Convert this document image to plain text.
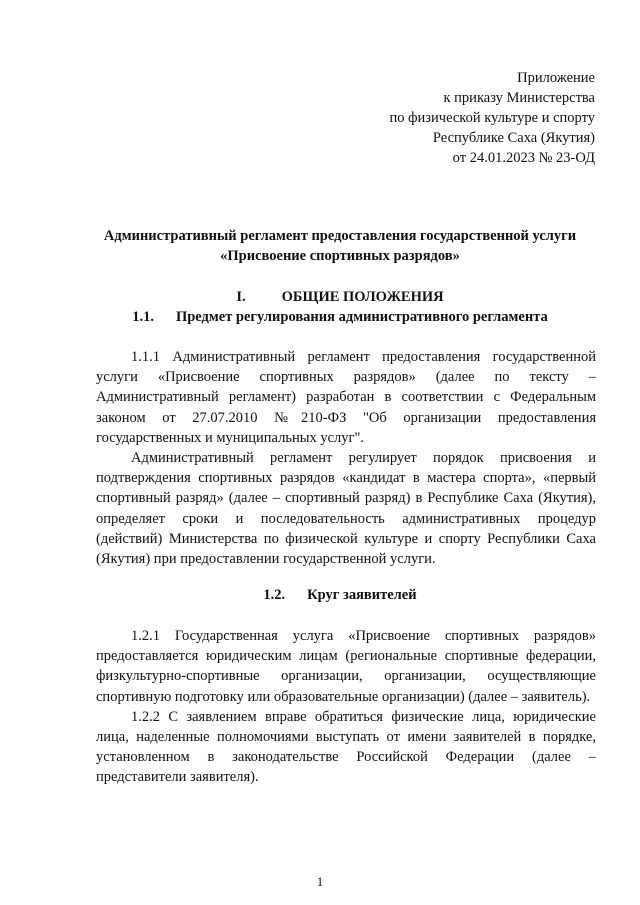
Приложение
к приказу Министерства
по физической культуре и спорту
Республике Саха (Якутия)
от 24.01.2023 № 23-ОД
Административный регламент предоставления государственной услуги
«Присвоение спортивных разрядов»
I. ОБЩИЕ ПОЛОЖЕНИЯ
1.1. Предмет регулирования административного регламента

1.1.1 Административный регламент предоставления государственной услуги «Присвоение спортивных разрядов» (далее по тексту – Административный регламент) разработан в соответствии с Федеральным законом от 27.07.2010 №210-ФЗ "Об организации предоставления государственных и муниципальных услуг".

Административный регламент регулирует порядок присвоения и подтверждения спортивных разрядов «кандидат в мастера спорта», «первый спортивный разряд» (далее – спортивный разряд) в Республике Саха (Якутия), определяет сроки и последовательность административных процедур (действий) Министерства по физической культуре и спорту Республики Саха (Якутия) при предоставлении государственной услуги.

1.2. Круг заявителей

1.2.1 Государственная услуга «Присвоение спортивных разрядов» предоставляется юридическим лицам (региональные спортивные федерации, физкультурно-спортивные организации, организации, осуществляющие спортивную подготовку или образовательные организации) (далее – заявитель).

1.2.2 С заявлением вправе обратиться физические лица, юридические лица, наделенные полномочиями выступать от имени заявителей в порядке, установленном в законодательстве Российской Федерации (далее – представители заявителя).

1
